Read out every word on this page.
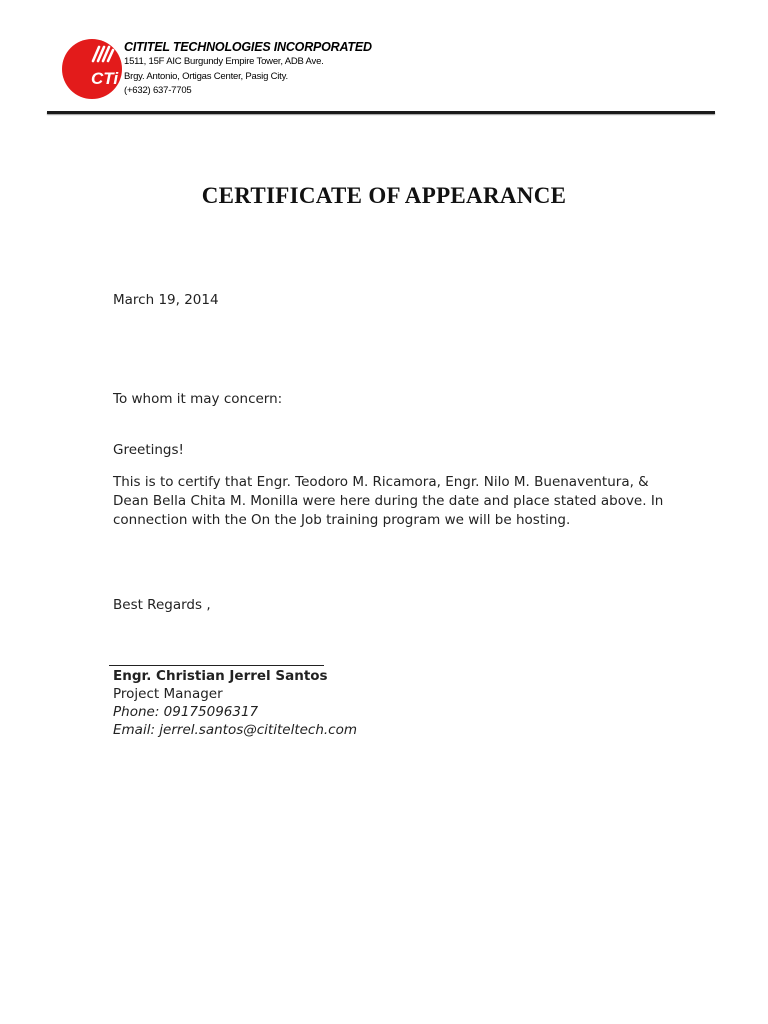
CTi
CITITEL TECHNOLOGIES INCORPORATED
1511, 15F AIC Burgundy Empire Tower, ADB Ave.
Brgy. Antonio, Ortigas Center, Pasig City.
(+632) 637-7705
CERTIFICATE OF APPEARANCE
March 19, 2014
To whom it may concern:
Greetings!
This is to certify that Engr. Teodoro M. Ricamora, Engr. Nilo M. Buenaventura, & Dean Bella Chita M. Monilla were here during the date and place stated above. In connection with the On the Job training program we will be hosting.
Best Regards ,
Engr. Christian Jerrel Santos
Project Manager
Phone: 09175096317
Email: jerrel.santos@cititeltech.com
